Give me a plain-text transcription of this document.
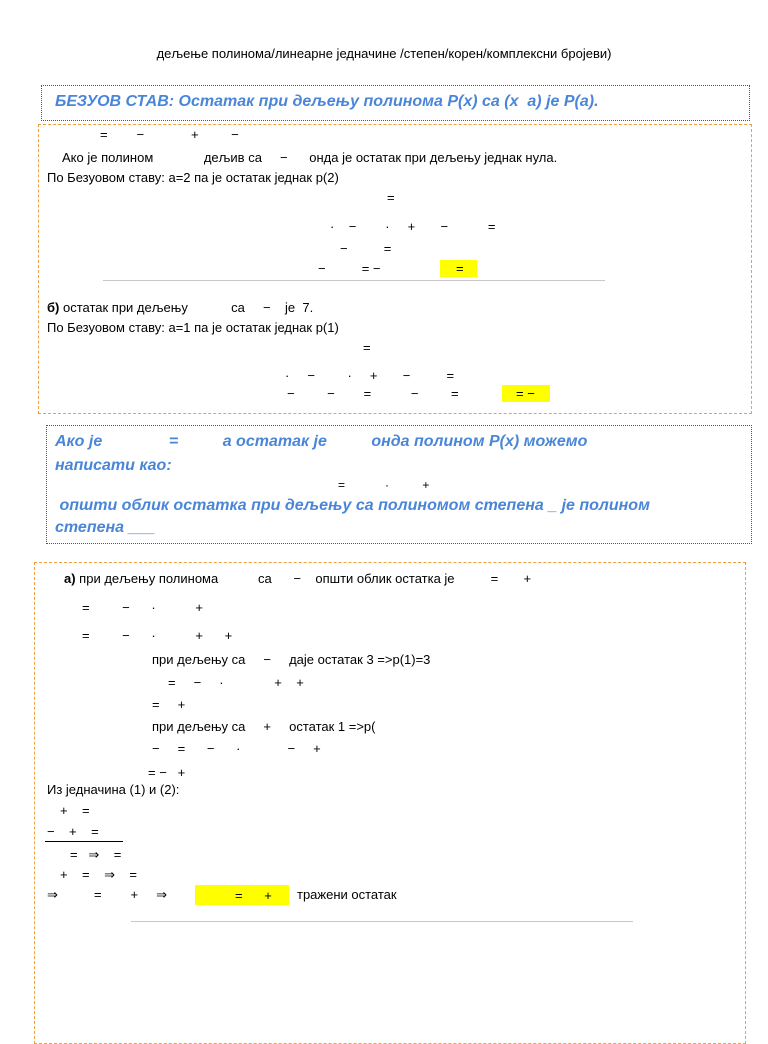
дељење полинома/линеарне једначине /степен/корен/комплексни бројеви)
БЕЗУОВ СТАВ: Остатак при дељењу полинома P(x) са (x  a) је P(a).
=        −             +         −
Ако је полином              дељив са     −      онда је остатак при дељењу једнак нула.
По Безуовом ставу: a=2 па је остатак једнак p(2)
=
·    −        ·     +       −           =
−          =
−          = −	=
б) остатак при дељењу            са     −    је  7.
По Безуовом ставу: a=1 па је остатак једнак p(1)
=
·     −         ·     +       −          =
−         −        =           −         =	= −
Ако је               =          а остатак је          онда полином P(x) можемо
написати као:
=            ·          +
општи облик остатка при дељењу са полиномом степена _ је полином
степена ___
а) при дељењу полинома           са      −    општи облик остатка је          =       +
=         −      ·           +
=         −      ·           +      +
при дељењу са     −     даје остатак 3 =>p(1)=3
=     −     ·              +    +
=     +
при дељењу са     +     остатак 1 =>p(
−     =      −      ·             −     +
= −   +
Из једначина (1) и (2):
+    =
−    +    =
=   ⇒    =
+    =    ⇒    =
⇒          =        +     ⇒	=      + тражени остатак
